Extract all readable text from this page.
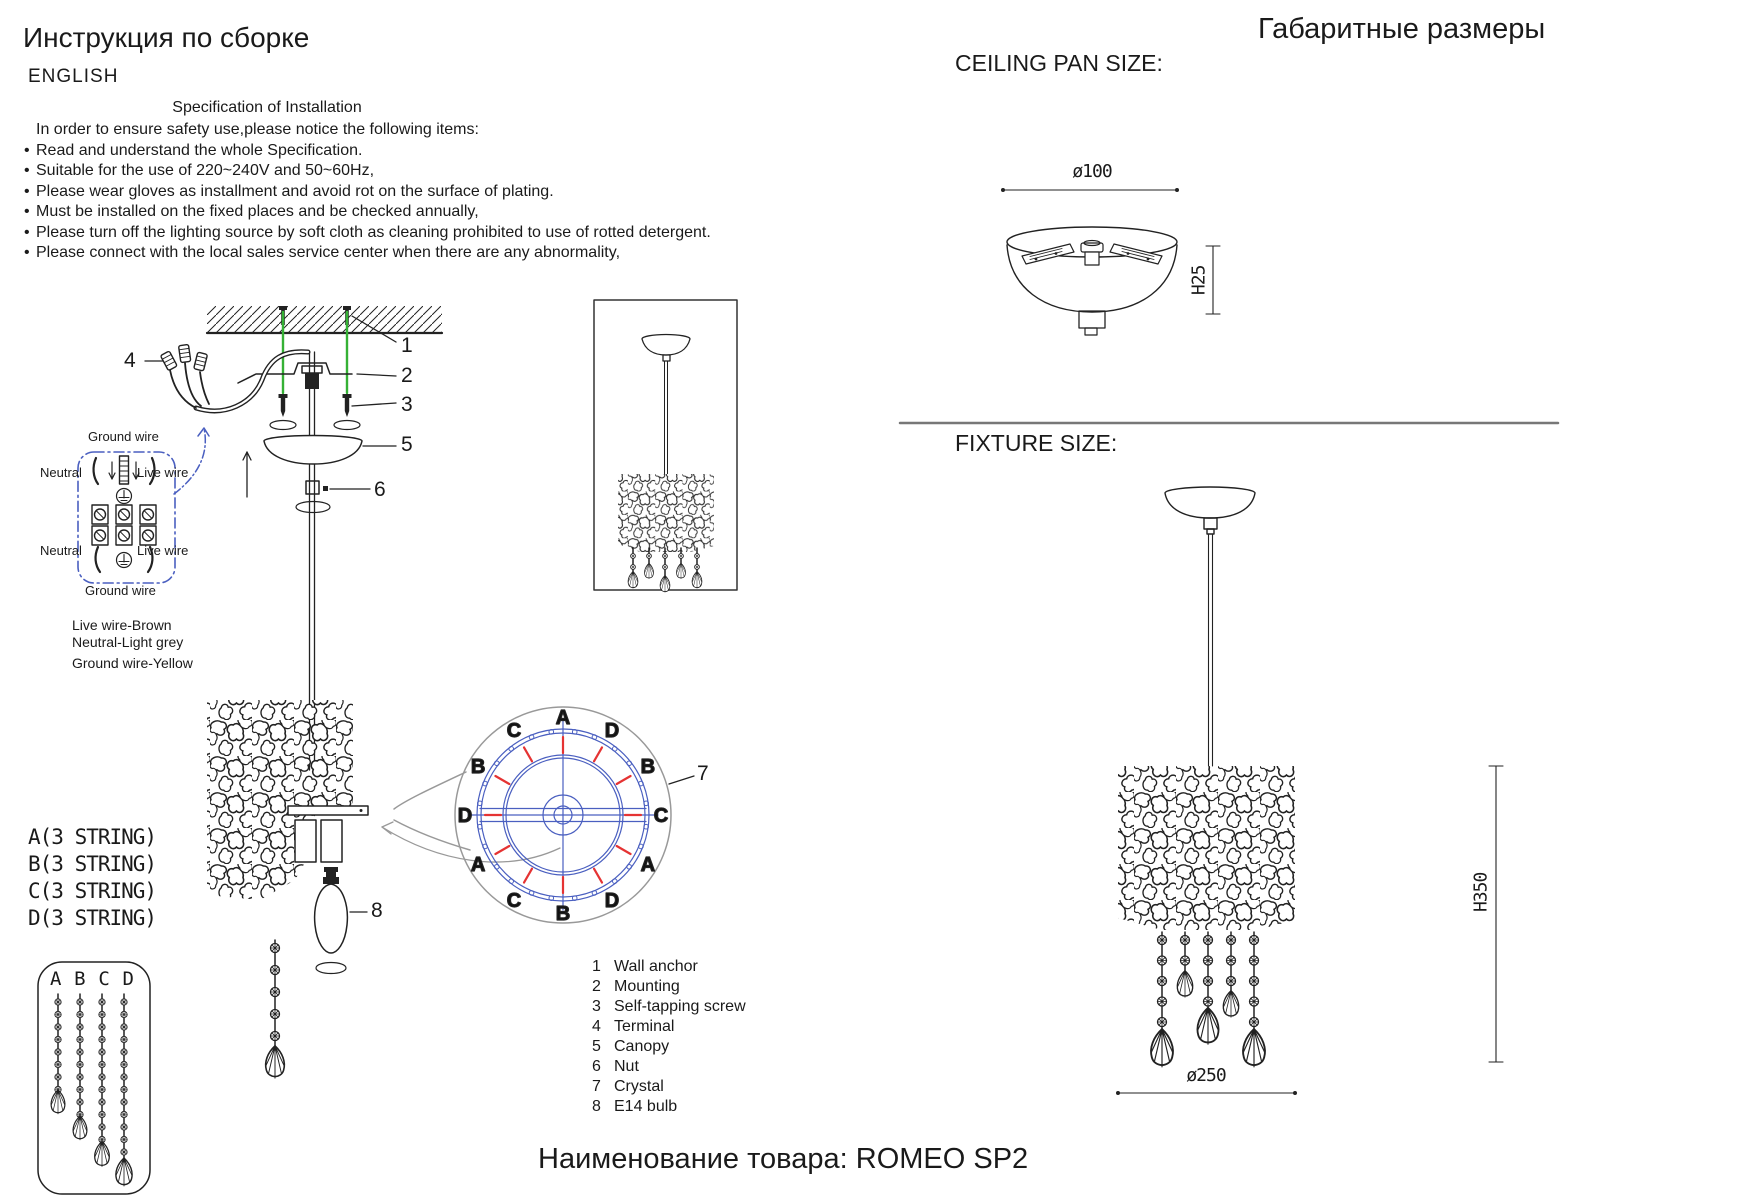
A
D
B
C
A
D
B
C
A
D
B
C
Инструкция по сборке
ENGLISH
Specification of Installation
In order to ensure safety use,please notice the following items:
• Read and understand the whole Specification.
• Suitable for the use of 220~240V and 50~60Hz,
• Please wear gloves as installment and avoid rot on the surface of plating.
• Must be installed on the fixed places and be checked annually,
• Please turn off the lighting source by soft cloth as cleaning prohibited to use of rotted detergent.
• Please connect with the local sales service center when there are any abnormality,
1
2
3
4
5
6
7
8
Ground wire
Neutral	Live wire
Neutral	Live wire
Ground wire
Live wire-Brown
Neutral-Light grey
Ground wire-Yellow
A(3 STRING)
B(3 STRING)
C(3 STRING)
D(3 STRING)
A B C D
1 Wall anchor
2 Mounting
3 Self-tapping screw
4 Terminal
5 Canopy
6 Nut
7 Crystal
8 E14 bulb
Наименование товара: ROMEO SP2
Габаритные размеры
CEILING PAN SIZE:
ø100
H25
FIXTURE SIZE:
ø250
H350
